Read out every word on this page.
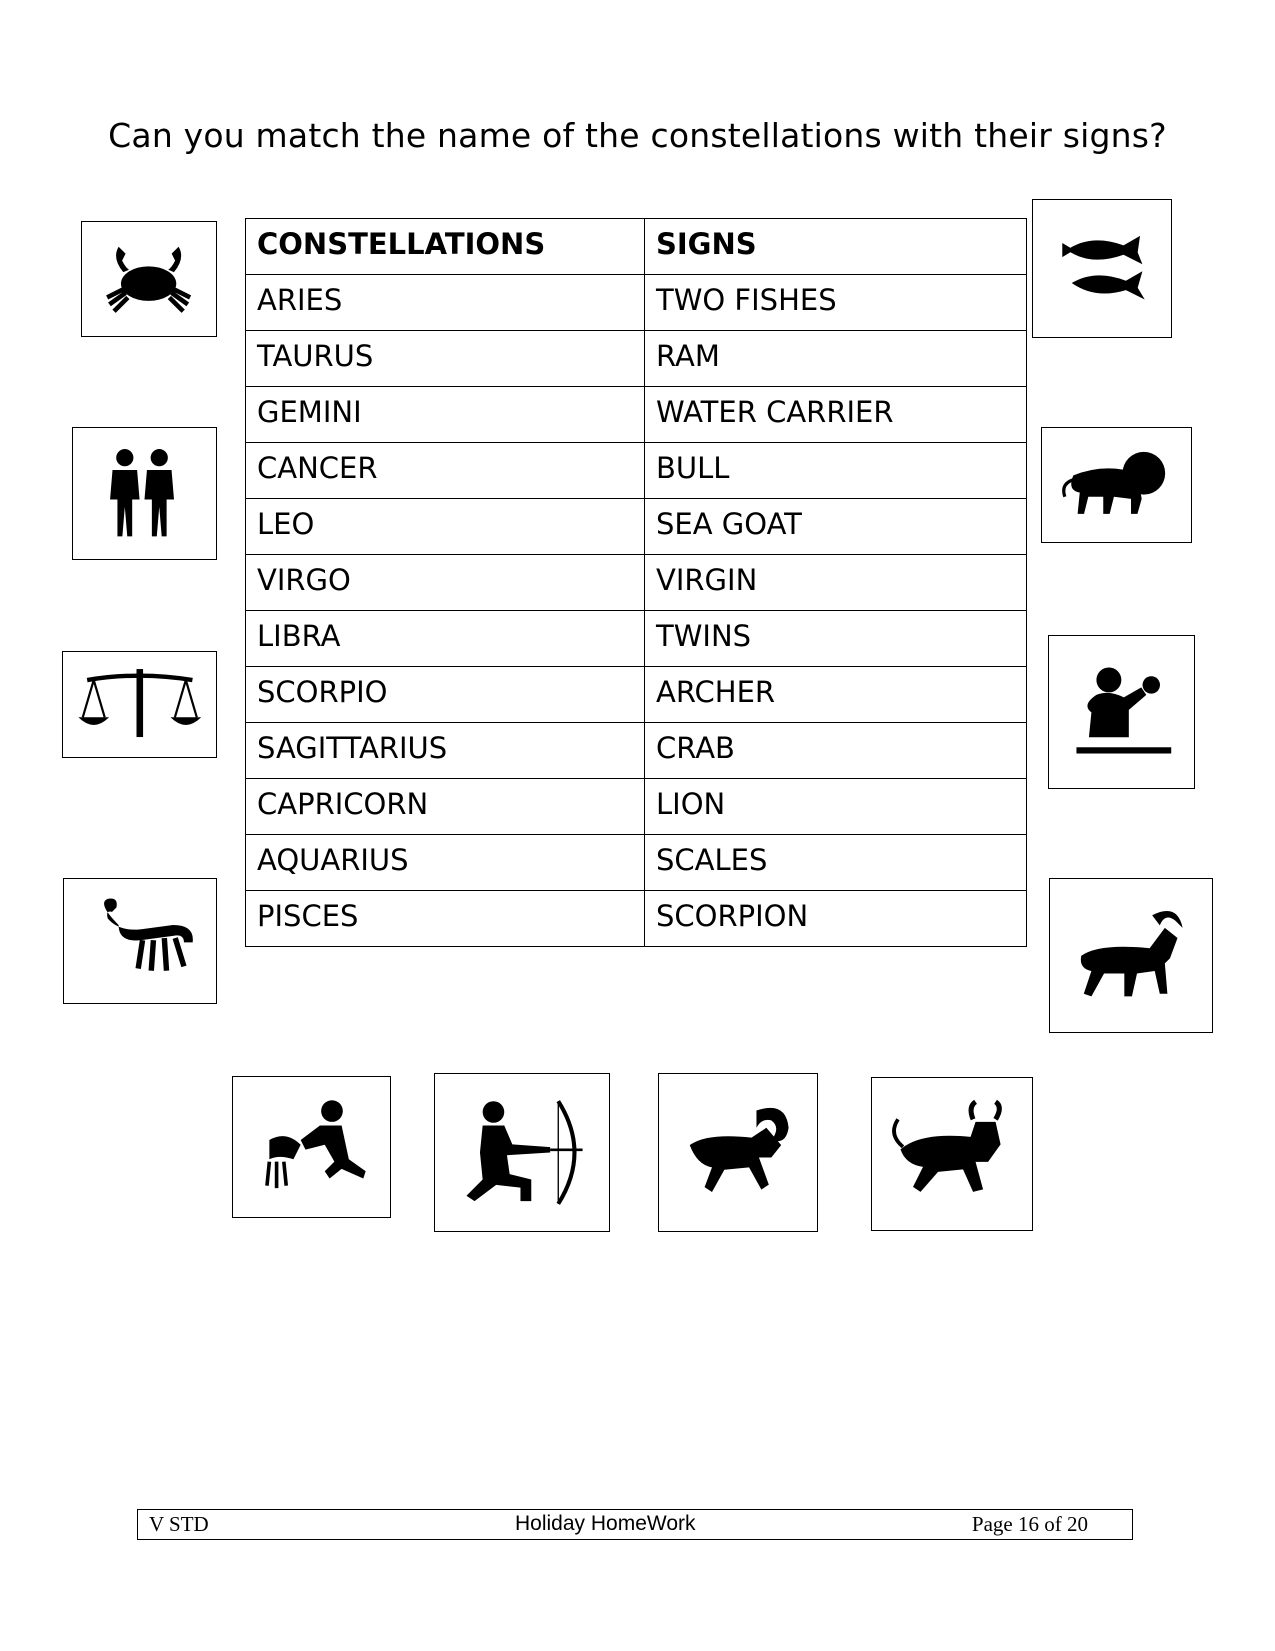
Can you match the name of the constellations with their signs?
CONSTELLATIONS	SIGNS
ARIES	TWO FISHES
TAURUS	RAM
GEMINI	WATER CARRIER
CANCER	BULL
LEO	SEA GOAT
VIRGO	VIRGIN
LIBRA	TWINS
SCORPIO	ARCHER
SAGITTARIUS	CRAB
CAPRICORN	LION
AQUARIUS	SCALES
PISCES	SCORPION
V STD	Holiday HomeWork	Page 16 of 20
